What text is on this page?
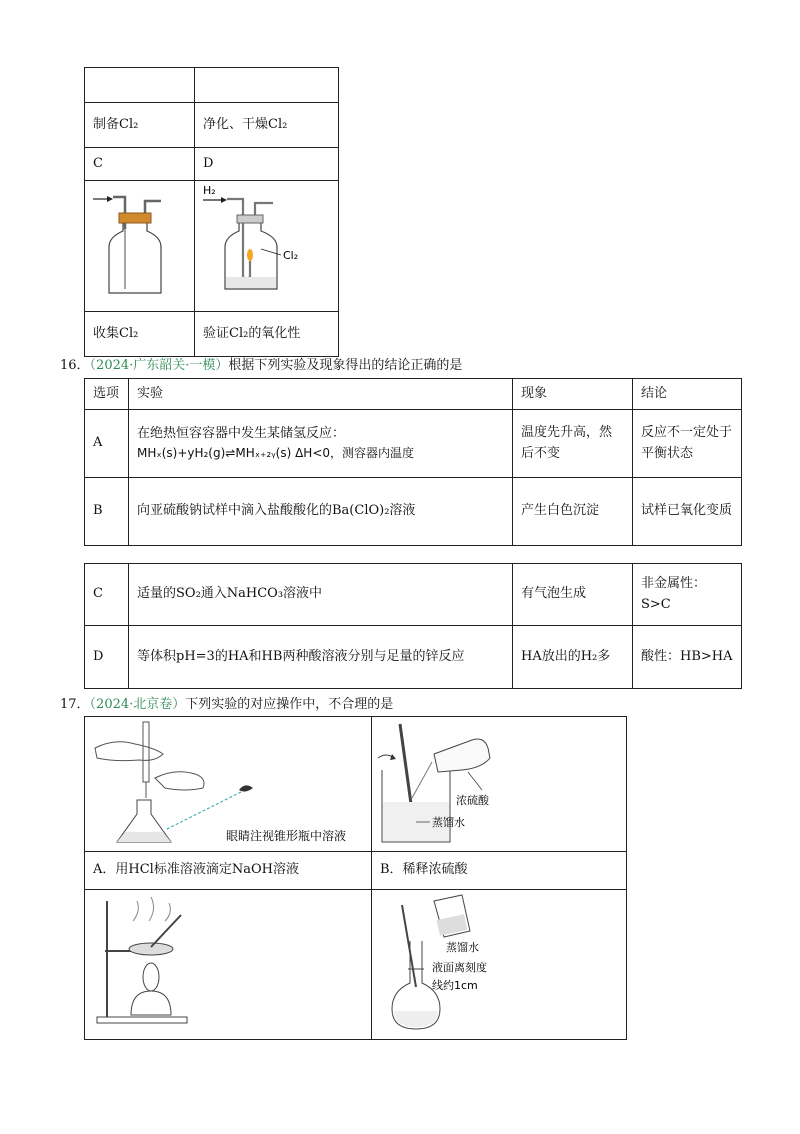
制备Cl₂	净化、干燥Cl₂
C	D

H₂
Cl₂

收集Cl₂	验证Cl₂的氧化性
16．（2024·广东韶关·一模）根据下列实验及现象得出的结论正确的是
选项	实验	现象	结论
A	在绝热恒容容器中发生某储氢反应：
MHₓ(s)+yH₂(g)⇌MHₓ₊₂ᵧ(s) ΔH<0，测容器内温度	温度先升高，然后不变	反应不一定处于平衡状态
B	向亚硫酸钠试样中滴入盐酸酸化的Ba(ClO)₂溶液	产生白色沉淀	试样已氧化变质
C	适量的SO₂通入NaHCO₃溶液中	有气泡生成	非金属性：S>C
D	等体积pH=3的HA和HB两种酸溶液分别与足量的锌反应	HA放出的H₂多	酸性：HB>HA
17．（2024·北京卷）下列实验的对应操作中，不合理的是
眼睛注视锥形瓶中溶液	浓硫酸
蒸馏水

A．用HCl标准溶液滴定NaOH溶液	B．稀释浓硫酸

蒸馏水
液面离刻度
线约1cm
